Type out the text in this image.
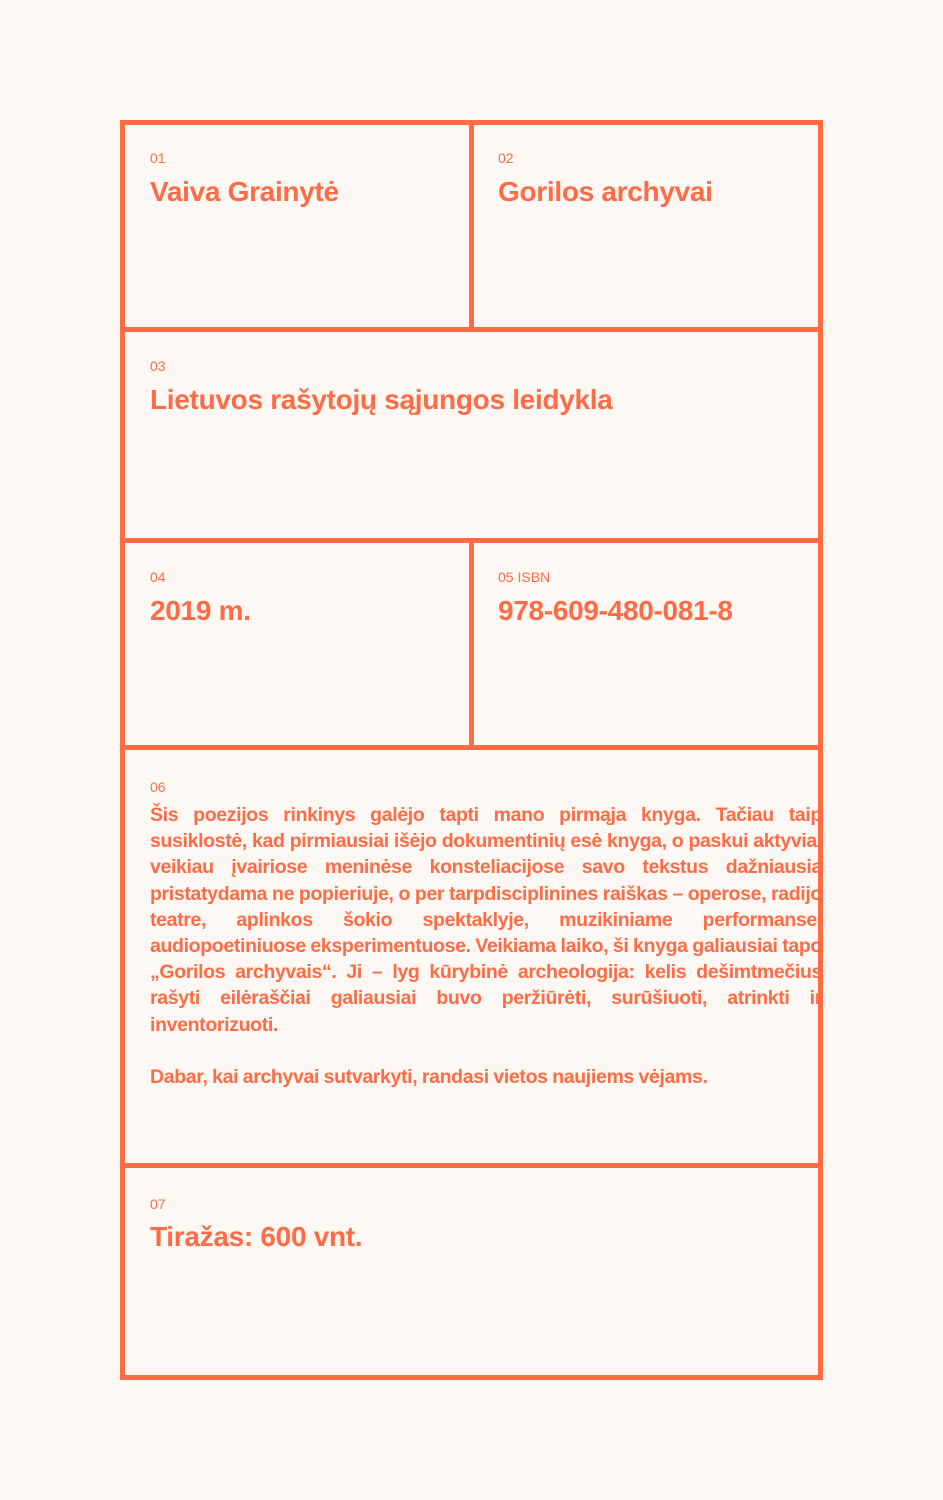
01
Vaiva Grainytė
02
Gorilos archyvai
03
Lietuvos rašytojų sąjungos leidykla
04
2019 m.
05 ISBN
978-609-480-081-8
06

Šis poezijos rinkinys galėjo tapti mano pirmąja knyga. Tačiau taip susiklostė, kad pirmiausiai išėjo dokumentinių esė knyga, o paskui aktyviai veikiau įvairiose meninėse konsteliacijose savo tekstus dažniausia pristatydama ne popieriuje, o per tarpdisciplinines raiškas – operose, radijo teatre, aplinkos šokio spektaklyje, muzikiniame performanse, audiopoetiniuose eksperimentuose. Veikiama laiko, ši knyga galiausiai tapo „Gorilos archyvais“. Ji – lyg kūrybinė archeologija: kelis dešimtmečius rašyti eilėraščiai galiausiai buvo peržiūrėti, surūšiuoti, atrinkti ir inventorizuoti.

Dabar, kai archyvai sutvarkyti, randasi vietos naujiems vėjams.

07
Tiražas: 600 vnt.
